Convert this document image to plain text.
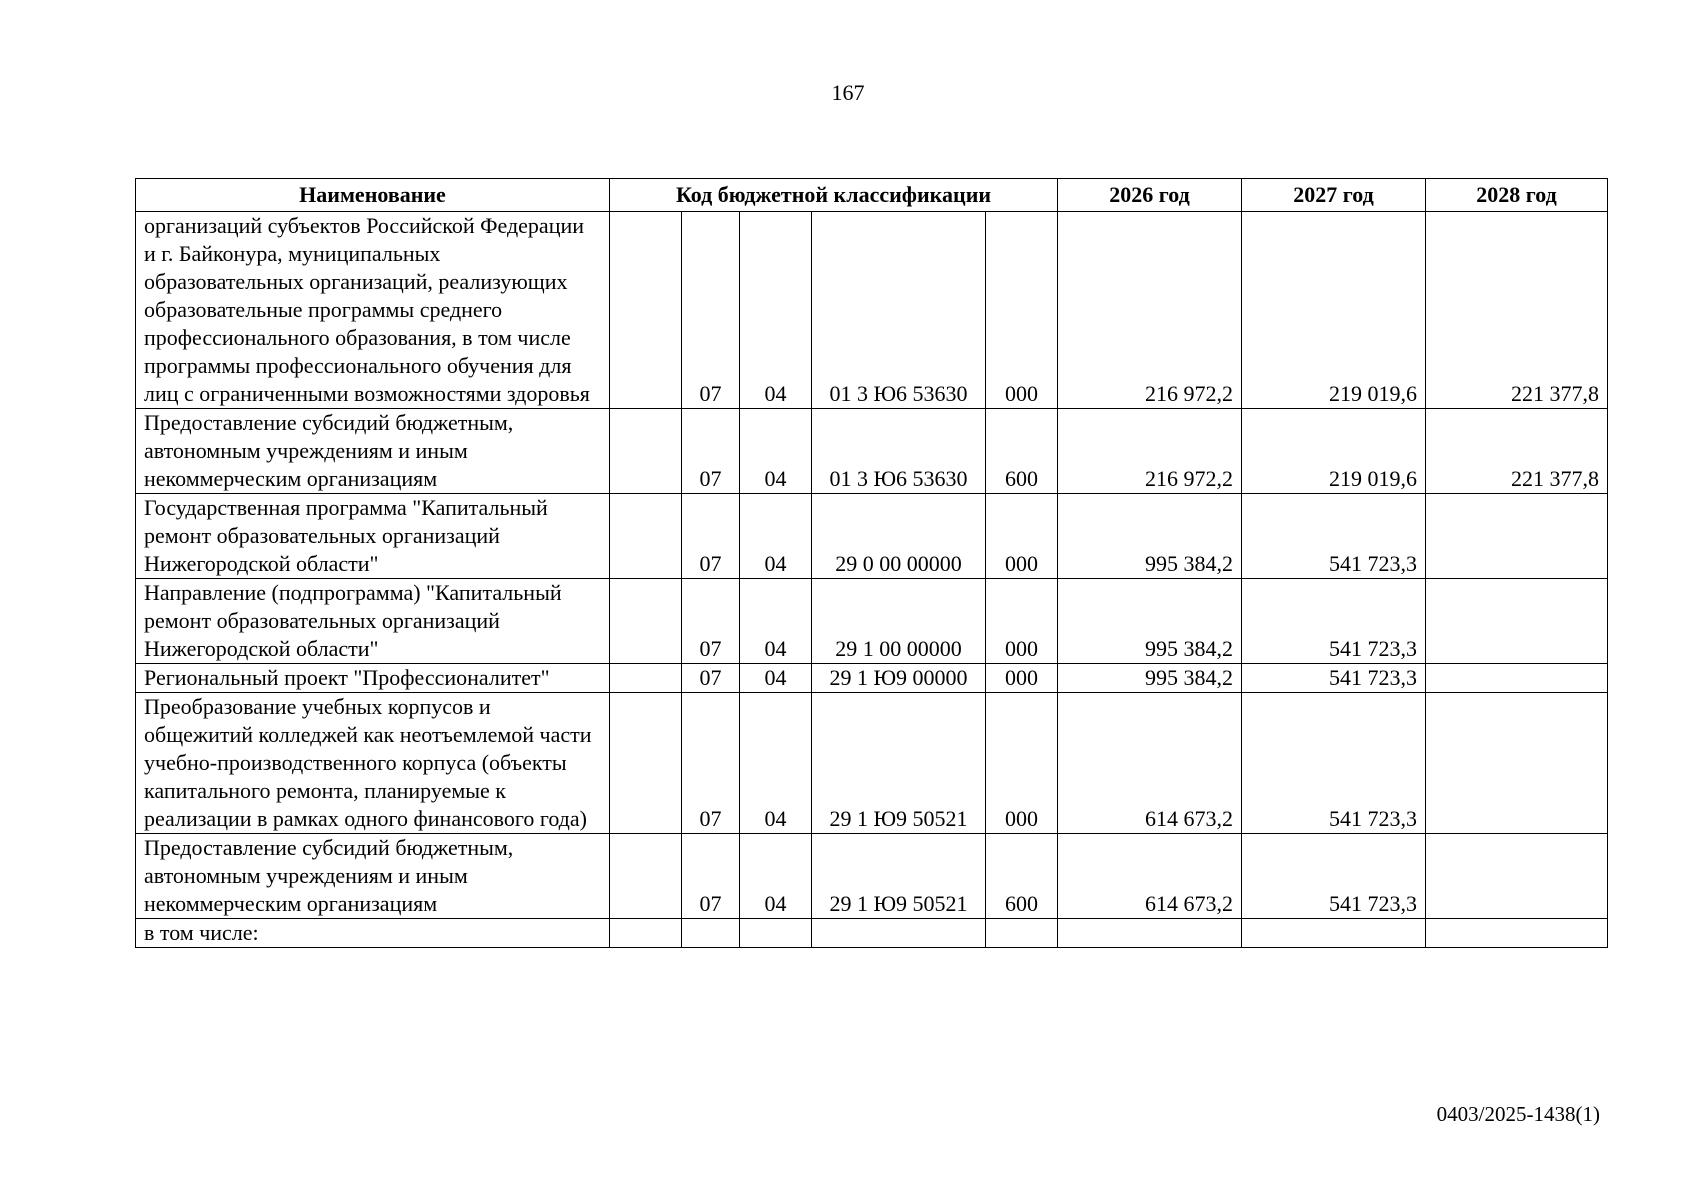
167
Наименование	Код бюджетной классификации					2026 год	2027 год	2028 год
организаций субъектов Российской Федерации и г. Байконура, муниципальных образовательных организаций, реализующих образовательные программы среднего профессионального образования, в том числе программы профессионального обучения для лиц с ограниченными возможностями здоровья		07	04	01 3 Ю6 53630	000	216 972,2	219 019,6	221 377,8
Предоставление субсидий бюджетным, автономным учреждениям и иным некоммерческим организациям		07	04	01 3 Ю6 53630	600	216 972,2	219 019,6	221 377,8
Государственная программа "Капитальный ремонт образовательных организаций Нижегородской области"		07	04	29 0 00 00000	000	995 384,2	541 723,3	
Направление (подпрограмма) "Капитальный ремонт образовательных организаций Нижегородской области"		07	04	29 1 00 00000	000	995 384,2	541 723,3	
Региональный проект "Профессионалитет"		07	04	29 1 Ю9 00000	000	995 384,2	541 723,3	
Преобразование учебных корпусов и общежитий колледжей как неотъемлемой части учебно-производственного корпуса (объекты капитального ремонта, планируемые к реализации в рамках одного финансового года)		07	04	29 1 Ю9 50521	000	614 673,2	541 723,3	
Предоставление субсидий бюджетным, автономным учреждениям и иным некоммерческим организациям		07	04	29 1 Ю9 50521	600	614 673,2	541 723,3	
в том числе:								
0403/2025-1438(1)
